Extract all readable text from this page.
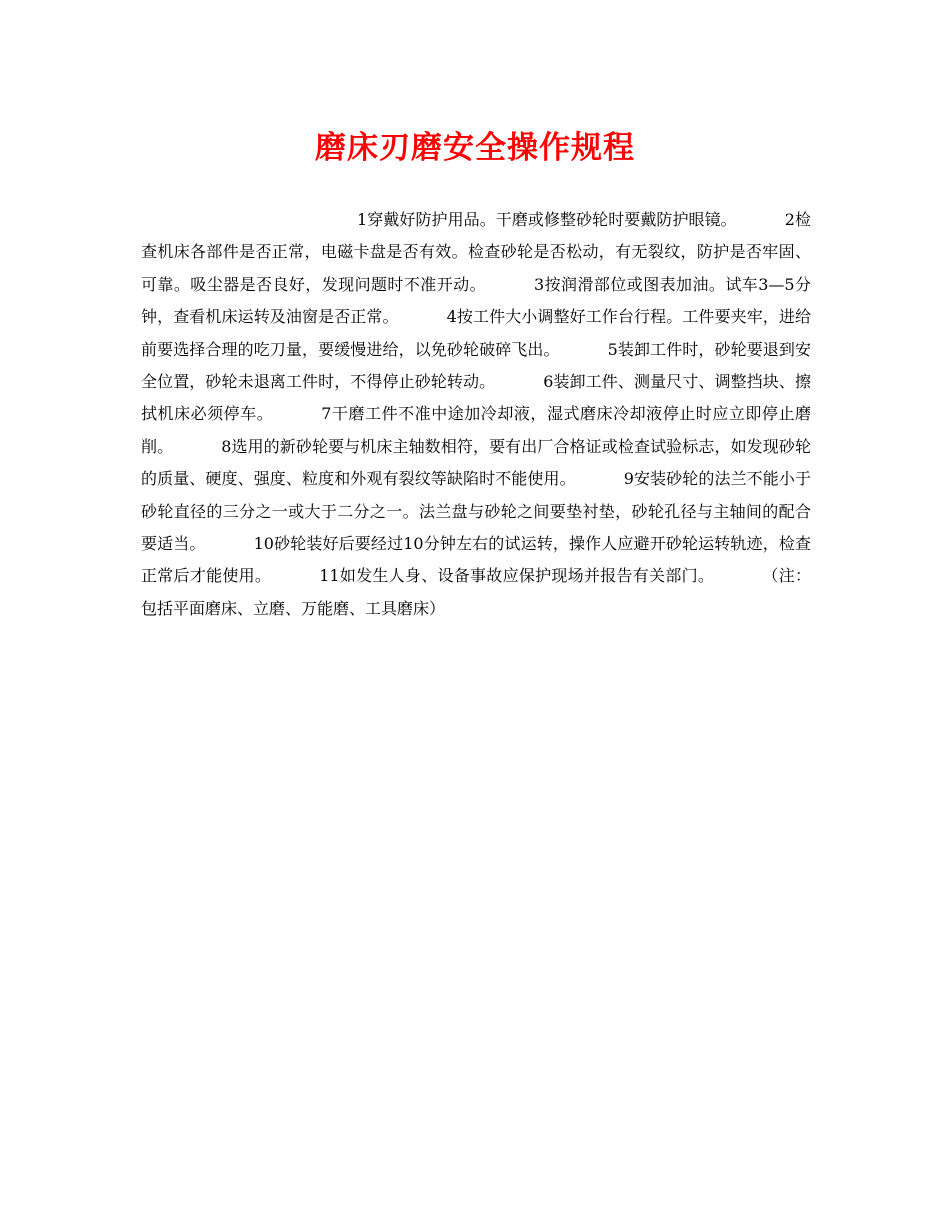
磨床刃磨安全操作规程

1穿戴好防护用品。干磨或修整砂轮时要戴防护眼镜。	2检查机床各部件是否正常，电磁卡盘是否有效。检查砂轮是否松动，有无裂纹，防护是否牢固、可靠。吸尘器是否良好，发现问题时不准开动。	3按润滑部位或图表加油。试车3—5分钟，查看机床运转及油窗是否正常。	4按工件大小调整好工作台行程。工件要夹牢，进给前要选择合理的吃刀量，要缓慢进给，以免砂轮破碎飞出。	5装卸工件时，砂轮要退到安全位置，砂轮未退离工件时，不得停止砂轮转动。	6装卸工件、测量尺寸、调整挡块、擦拭机床必须停车。	7干磨工件不准中途加冷却液，湿式磨床冷却液停止时应立即停止磨削。	8选用的新砂轮要与机床主轴数相符，要有出厂合格证或检查试验标志，如发现砂轮的质量、硬度、强度、粒度和外观有裂纹等缺陷时不能使用。	9安装砂轮的法兰不能小于砂轮直径的三分之一或大于二分之一。法兰盘与砂轮之间要垫衬垫，砂轮孔径与主轴间的配合要适当。	10砂轮装好后要经过10分钟左右的试运转，操作人应避开砂轮运转轨迹，检查正常后才能使用。	11如发生人身、设备事故应保护现场并报告有关部门。	（注：包括平面磨床、立磨、万能磨、工具磨床）
